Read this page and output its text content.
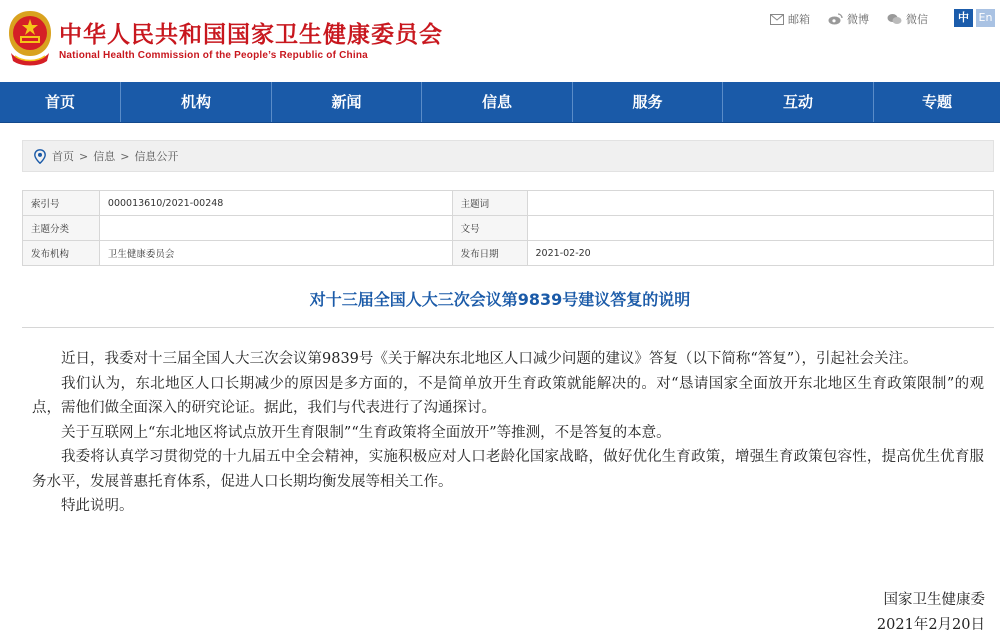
中华人民共和国国家卫生健康委员会
National Health Commission of the People’s Republic of China
邮箱	微博	微信	中 En
首页	机构	新闻	信息	服务	互动	专题
首页 > 信息 > 信息公开
索引号	000013610/2021-00248	主题词	
主题分类		文号	
发布机构	卫生健康委员会	发布日期	2021-02-20
对十三届全国人大三次会议第9839号建议答复的说明

近日，我委对十三届全国人大三次会议第9839号《关于解决东北地区人口减少问题的建议》答复（以下简称“答复”），引起社会关注。

我们认为，东北地区人口长期减少的原因是多方面的，不是简单放开生育政策就能解决的。对“恳请国家全面放开东北地区生育政策限制”的观点，需他们做全面深入的研究论证。据此，我们与代表进行了沟通探讨。

关于互联网上“东北地区将试点放开生育限制”“生育政策将全面放开”等推测，不是答复的本意。

我委将认真学习贯彻党的十九届五中全会精神，实施积极应对人口老龄化国家战略，做好优化生育政策，增强生育政策包容性，提高优生优育服务水平，发展普惠托育体系，促进人口长期均衡发展等相关工作。

特此说明。

国家卫生健康委
2021年2月20日
